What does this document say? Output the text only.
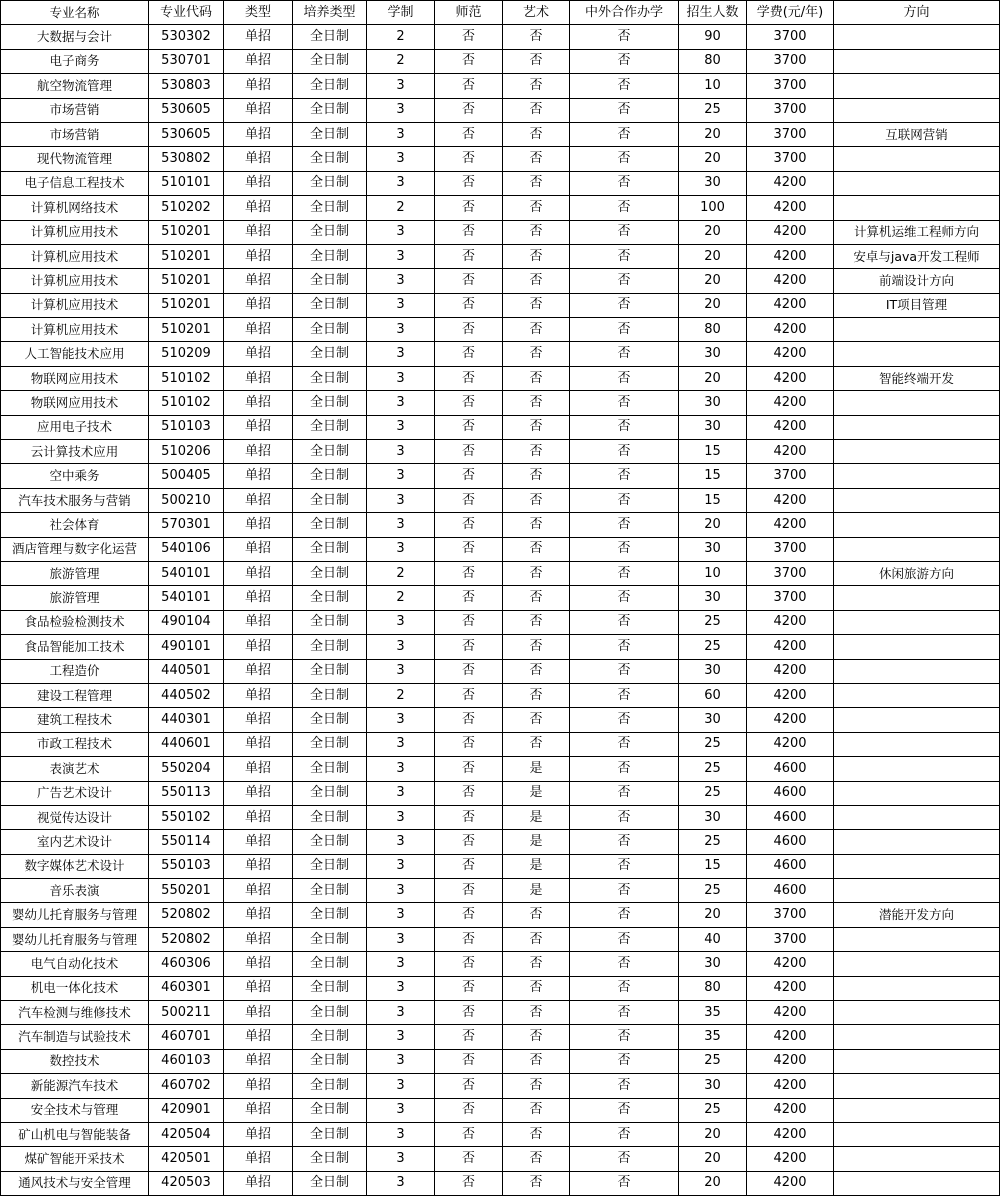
专业名称	专业代码	类型	培养类型	学制	师范	艺术	中外合作办学	招生人数	学费(元/年)	方向
大数据与会计	530302	单招	全日制	2	否	否	否	90	3700	
电子商务	530701	单招	全日制	2	否	否	否	80	3700	
航空物流管理	530803	单招	全日制	3	否	否	否	10	3700	
市场营销	530605	单招	全日制	3	否	否	否	25	3700	
市场营销	530605	单招	全日制	3	否	否	否	20	3700	互联网营销
现代物流管理	530802	单招	全日制	3	否	否	否	20	3700	
电子信息工程技术	510101	单招	全日制	3	否	否	否	30	4200	
计算机网络技术	510202	单招	全日制	2	否	否	否	100	4200	
计算机应用技术	510201	单招	全日制	3	否	否	否	20	4200	计算机运维工程师方向
计算机应用技术	510201	单招	全日制	3	否	否	否	20	4200	安卓与java开发工程师
计算机应用技术	510201	单招	全日制	3	否	否	否	20	4200	前端设计方向
计算机应用技术	510201	单招	全日制	3	否	否	否	20	4200	IT项目管理
计算机应用技术	510201	单招	全日制	3	否	否	否	80	4200	
人工智能技术应用	510209	单招	全日制	3	否	否	否	30	4200	
物联网应用技术	510102	单招	全日制	3	否	否	否	20	4200	智能终端开发
物联网应用技术	510102	单招	全日制	3	否	否	否	30	4200	
应用电子技术	510103	单招	全日制	3	否	否	否	30	4200	
云计算技术应用	510206	单招	全日制	3	否	否	否	15	4200	
空中乘务	500405	单招	全日制	3	否	否	否	15	3700	
汽车技术服务与营销	500210	单招	全日制	3	否	否	否	15	4200	
社会体育	570301	单招	全日制	3	否	否	否	20	4200	
酒店管理与数字化运营	540106	单招	全日制	3	否	否	否	30	3700	
旅游管理	540101	单招	全日制	2	否	否	否	10	3700	休闲旅游方向
旅游管理	540101	单招	全日制	2	否	否	否	30	3700	
食品检验检测技术	490104	单招	全日制	3	否	否	否	25	4200	
食品智能加工技术	490101	单招	全日制	3	否	否	否	25	4200	
工程造价	440501	单招	全日制	3	否	否	否	30	4200	
建设工程管理	440502	单招	全日制	2	否	否	否	60	4200	
建筑工程技术	440301	单招	全日制	3	否	否	否	30	4200	
市政工程技术	440601	单招	全日制	3	否	否	否	25	4200	
表演艺术	550204	单招	全日制	3	否	是	否	25	4600	
广告艺术设计	550113	单招	全日制	3	否	是	否	25	4600	
视觉传达设计	550102	单招	全日制	3	否	是	否	30	4600	
室内艺术设计	550114	单招	全日制	3	否	是	否	25	4600	
数字媒体艺术设计	550103	单招	全日制	3	否	是	否	15	4600	
音乐表演	550201	单招	全日制	3	否	是	否	25	4600	
婴幼儿托育服务与管理	520802	单招	全日制	3	否	否	否	20	3700	潜能开发方向
婴幼儿托育服务与管理	520802	单招	全日制	3	否	否	否	40	3700	
电气自动化技术	460306	单招	全日制	3	否	否	否	30	4200	
机电一体化技术	460301	单招	全日制	3	否	否	否	80	4200	
汽车检测与维修技术	500211	单招	全日制	3	否	否	否	35	4200	
汽车制造与试验技术	460701	单招	全日制	3	否	否	否	35	4200	
数控技术	460103	单招	全日制	3	否	否	否	25	4200	
新能源汽车技术	460702	单招	全日制	3	否	否	否	30	4200	
安全技术与管理	420901	单招	全日制	3	否	否	否	25	4200	
矿山机电与智能装备	420504	单招	全日制	3	否	否	否	20	4200	
煤矿智能开采技术	420501	单招	全日制	3	否	否	否	20	4200	
通风技术与安全管理	420503	单招	全日制	3	否	否	否	20	4200	
